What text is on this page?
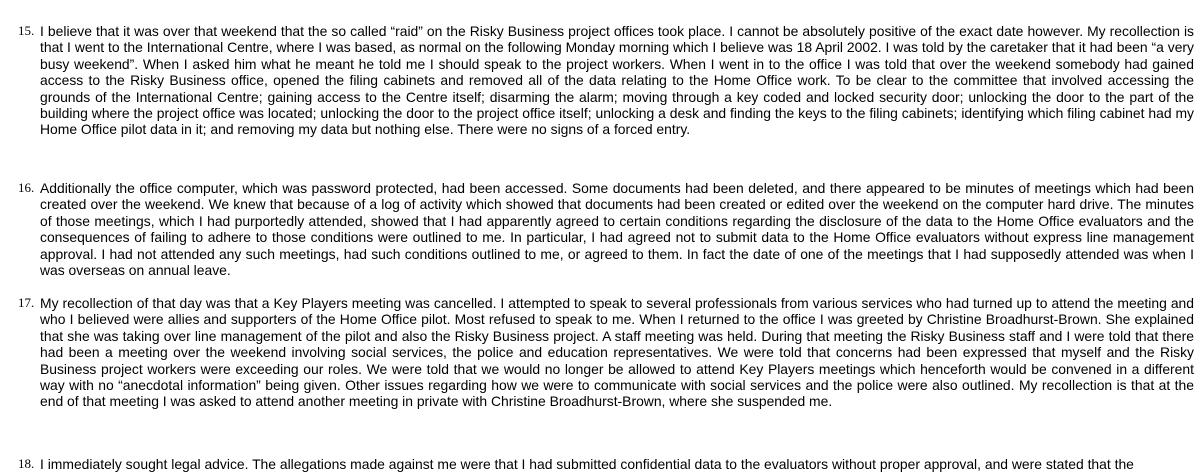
15. I believe that it was over that weekend that the so called “raid” on the Risky Business project offices took place. I cannot be absolutely positive of the exact date however. My recollection is that I went to the International Centre, where I was based, as normal on the following Monday morning which I believe was 18 April 2002. I was told by the caretaker that it had been “a very busy weekend”. When I asked him what he meant he told me I should speak to the project workers. When I went in to the office I was told that over the weekend somebody had gained access to the Risky Business office, opened the filing cabinets and removed all of the data relating to the Home Office work. To be clear to the committee that involved accessing the grounds of the International Centre; gaining access to the Centre itself; disarming the alarm; moving through a key coded and locked security door; unlocking the door to the part of the building where the project office was located; unlocking the door to the project office itself; unlocking a desk and finding the keys to the filing cabinets; identifying which filing cabinet had my Home Office pilot data in it; and removing my data but nothing else. There were no signs of a forced entry.
16. Additionally the office computer, which was password protected, had been accessed. Some documents had been deleted, and there appeared to be minutes of meetings which had been created over the weekend. We knew that because of a log of activity which showed that documents had been created or edited over the weekend on the computer hard drive. The minutes of those meetings, which I had purportedly attended, showed that I had apparently agreed to certain conditions regarding the disclosure of the data to the Home Office evaluators and the consequences of failing to adhere to those conditions were outlined to me. In particular, I had agreed not to submit data to the Home Office evaluators without express line management approval. I had not attended any such meetings, had such conditions outlined to me, or agreed to them. In fact the date of one of the meetings that I had supposedly attended was when I was overseas on annual leave.
17. My recollection of that day was that a Key Players meeting was cancelled. I attempted to speak to several professionals from various services who had turned up to attend the meeting and who I believed were allies and supporters of the Home Office pilot. Most refused to speak to me. When I returned to the office I was greeted by Christine Broadhurst-Brown. She explained that she was taking over line management of the pilot and also the Risky Business project. A staff meeting was held. During that meeting the Risky Business staff and I were told that there had been a meeting over the weekend involving social services, the police and education representatives. We were told that concerns had been expressed that myself and the Risky Business project workers were exceeding our roles. We were told that we would no longer be allowed to attend Key Players meetings which henceforth would be convened in a different way with no “anecdotal information” being given. Other issues regarding how we were to communicate with social services and the police were also outlined. My recollection is that at the end of that meeting I was asked to attend another meeting in private with Christine Broadhurst-Brown, where she suspended me.
18. I immediately sought legal advice. The allegations made against me were that I had submitted confidential data to the evaluators without proper approval, and were stated that the
